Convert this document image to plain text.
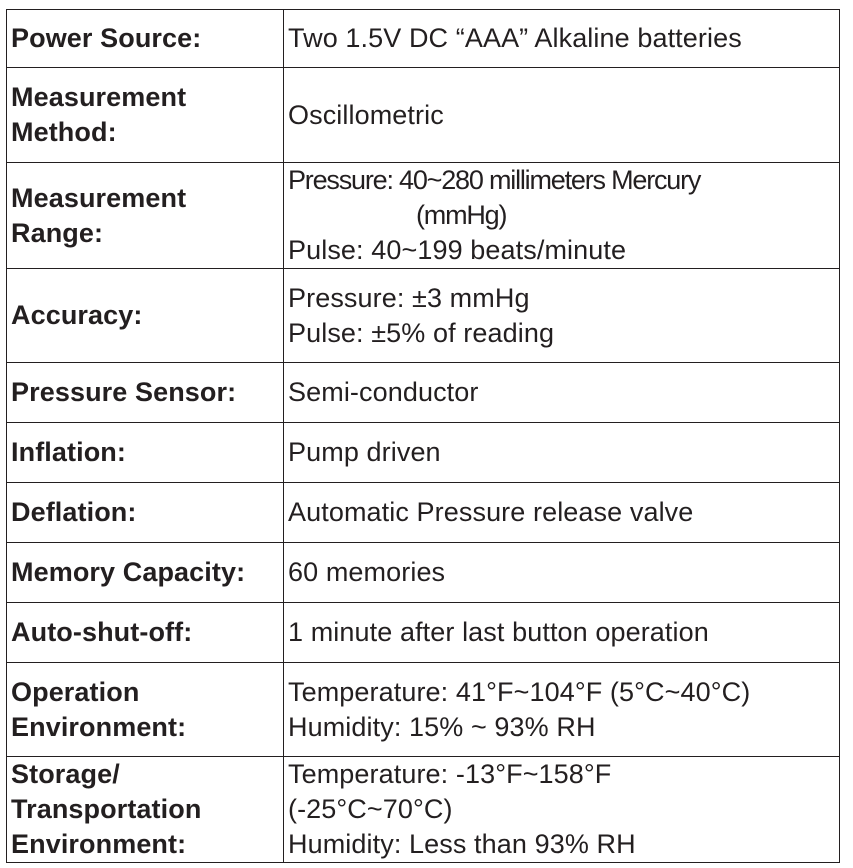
Power Source:	Two 1.5V DC “AAA” Alkaline batteries

Measurement
Method:	Oscillometric

Measurement
Range:	Pressure: 40~280 millimeters Mercury
(mmHg)
Pulse: 40~199 beats/minute

Accuracy:	Pressure: ±3 mmHg
Pulse: ±5% of reading

Pressure Sensor:	Semi-conductor

Inflation:	Pump driven

Deflation:	Automatic Pressure release valve

Memory Capacity:	60 memories

Auto-shut-off:	1 minute after last button operation

Operation
Environment:	Temperature: 41°F~104°F (5°C~40°C)
Humidity: 15% ~ 93% RH

Storage/
Transportation
Environment:	Temperature: -13°F~158°F
(-25°C~70°C)
Humidity: Less than 93% RH
